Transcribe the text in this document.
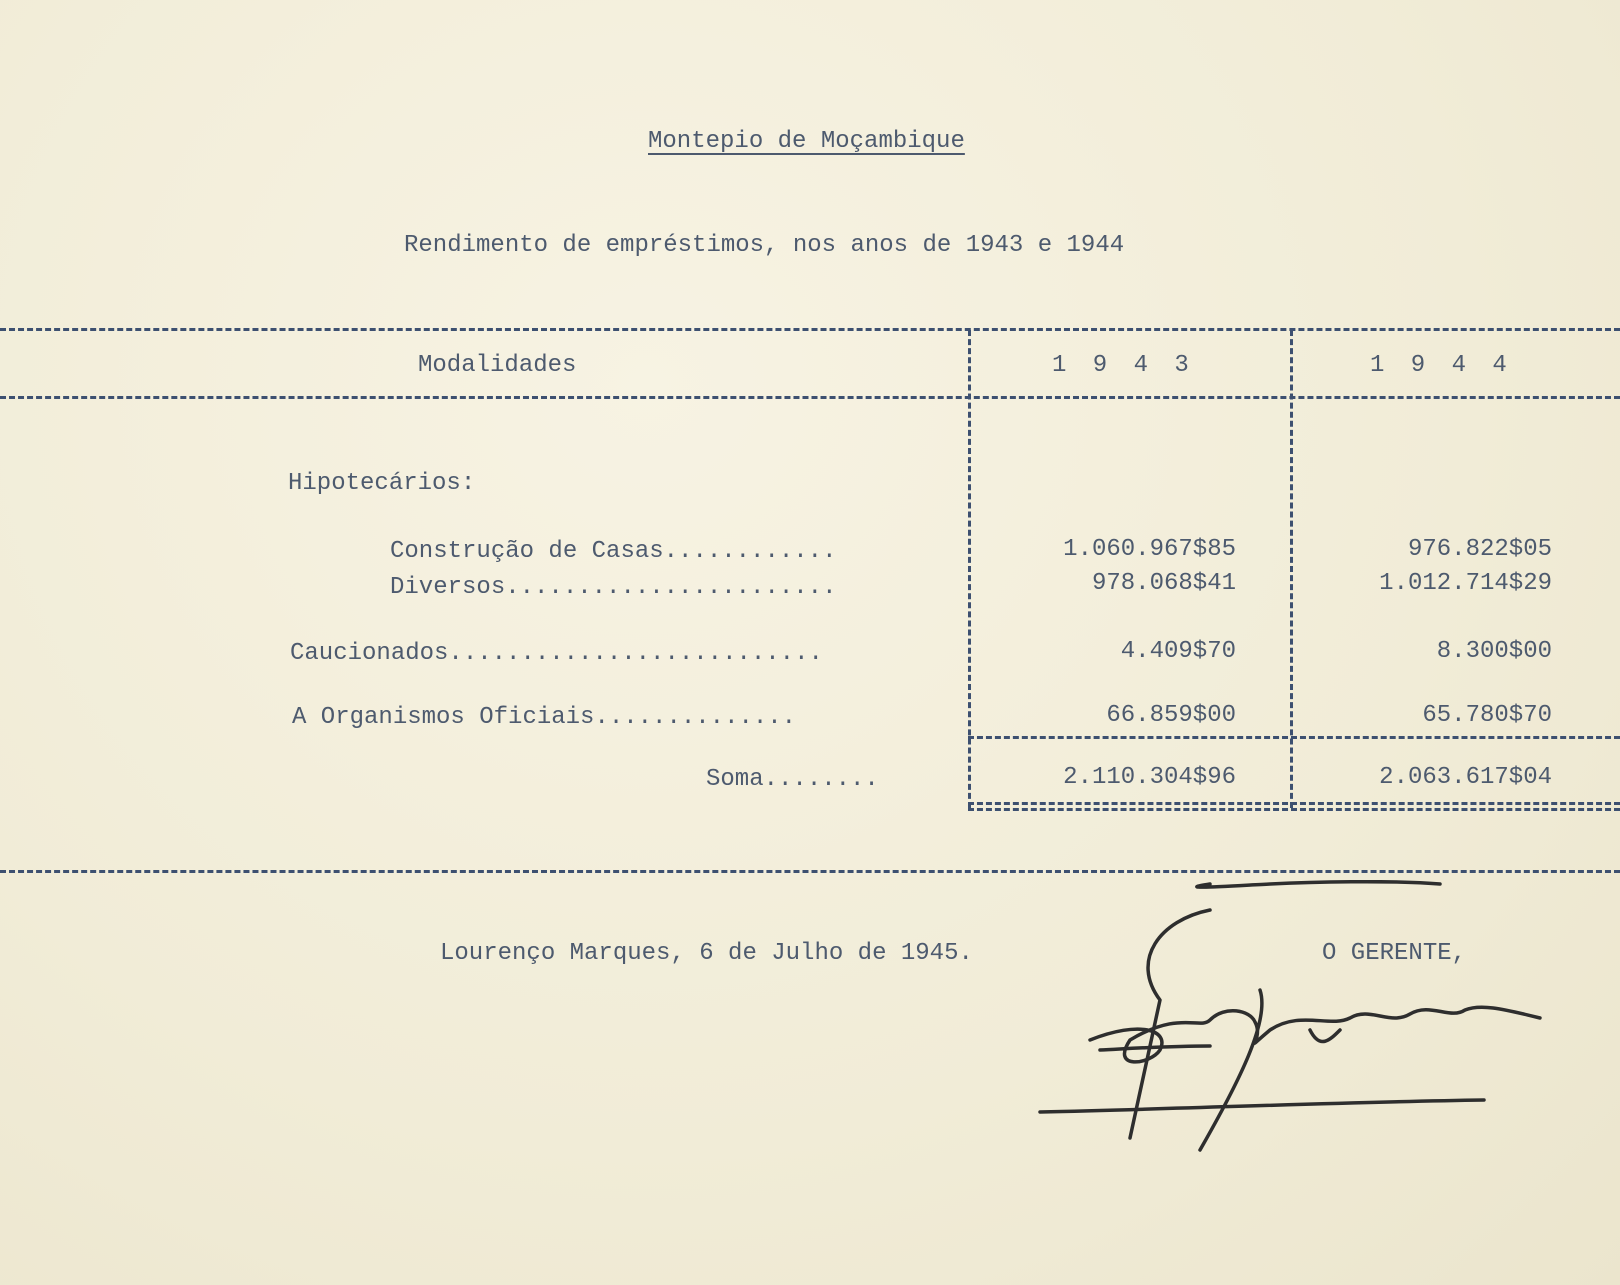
Montepio de Moçambique
Rendimento de empréstimos, nos anos de 1943 e 1944
Modalidades	1 9 4 3	1 9 4 4
Hipotecários:
Construção de Casas............	1.060.967$85	976.822$05
Diversos.......................	978.068$41	1.012.714$29
Caucionados..........................	4.409$70	8.300$00
A Organismos Oficiais..............	66.859$00	65.780$70
Soma........	2.110.304$96	2.063.617$04
Lourenço Marques, 6 de Julho de 1945.	O GERENTE,
